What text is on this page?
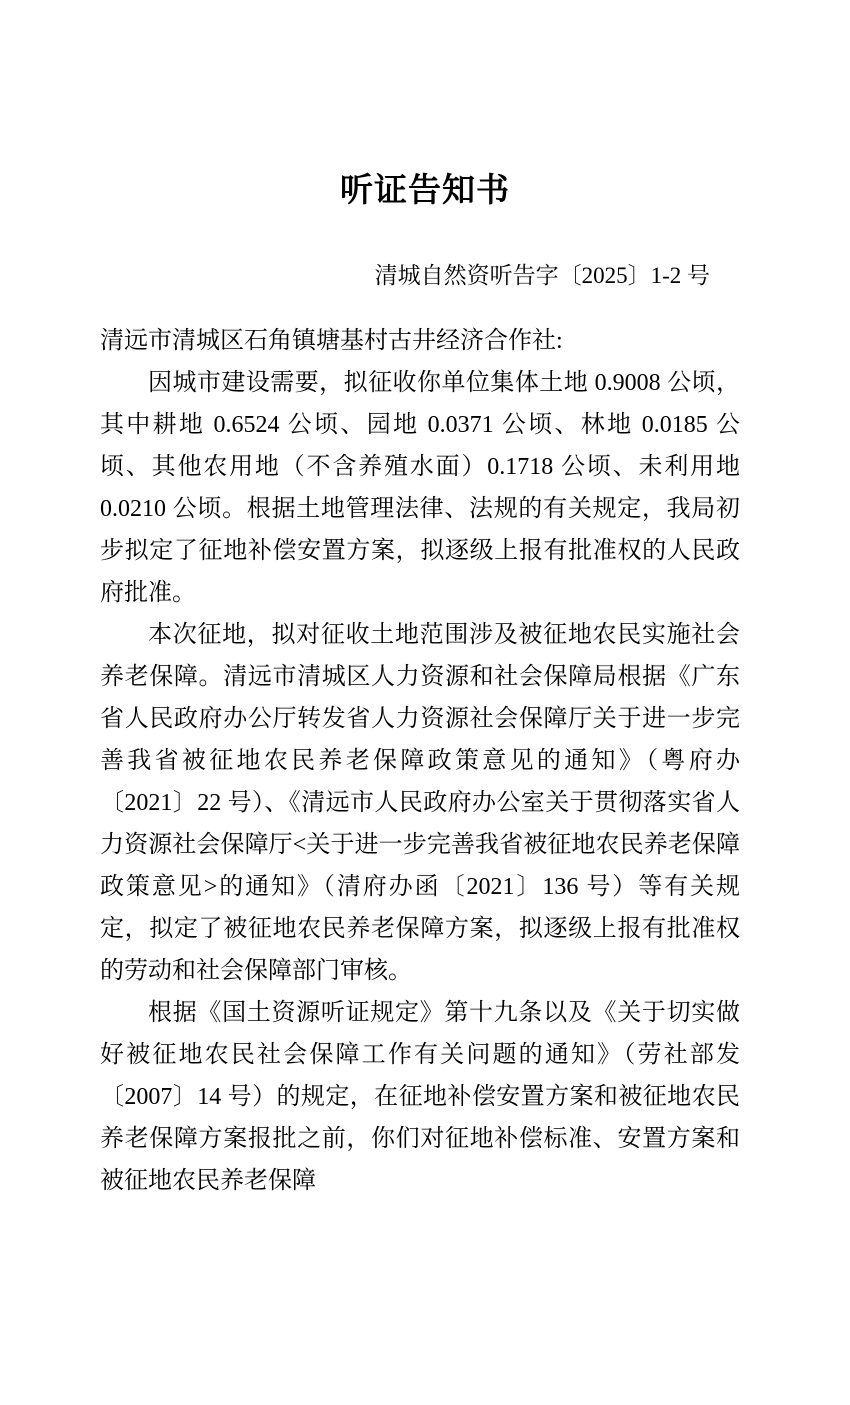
听证告知书
清城自然资听告字〔2025〕1-2 号

清远市清城区石角镇塘基村古井经济合作社:

因城市建设需要，拟征收你单位集体土地 0.9008 公顷，其中耕地 0.6524 公顷、园地 0.0371 公顷、林地 0.0185 公顷、其他农用地（不含养殖水面）0.1718 公顷、未利用地 0.0210 公顷。根据土地管理法律、法规的有关规定，我局初步拟定了征地补偿安置方案，拟逐级上报有批准权的人民政府批准。

本次征地，拟对征收土地范围涉及被征地农民实施社会养老保障。清远市清城区人力资源和社会保障局根据《广东省人民政府办公厅转发省人力资源社会保障厅关于进一步完善我省被征地农民养老保障政策意见的通知》（粤府办〔2021〕22 号）、《清远市人民政府办公室关于贯彻落实省人力资源社会保障厅<关于进一步完善我省被征地农民养老保障政策意见>的通知》（清府办函〔2021〕136 号）等有关规定，拟定了被征地农民养老保障方案，拟逐级上报有批准权的劳动和社会保障部门审核。

根据《国土资源听证规定》第十九条以及《关于切实做好被征地农民社会保障工作有关问题的通知》（劳社部发〔2007〕14 号）的规定，在征地补偿安置方案和被征地农民养老保障方案报批之前，你们对征地补偿标准、安置方案和被征地农民养老保障
